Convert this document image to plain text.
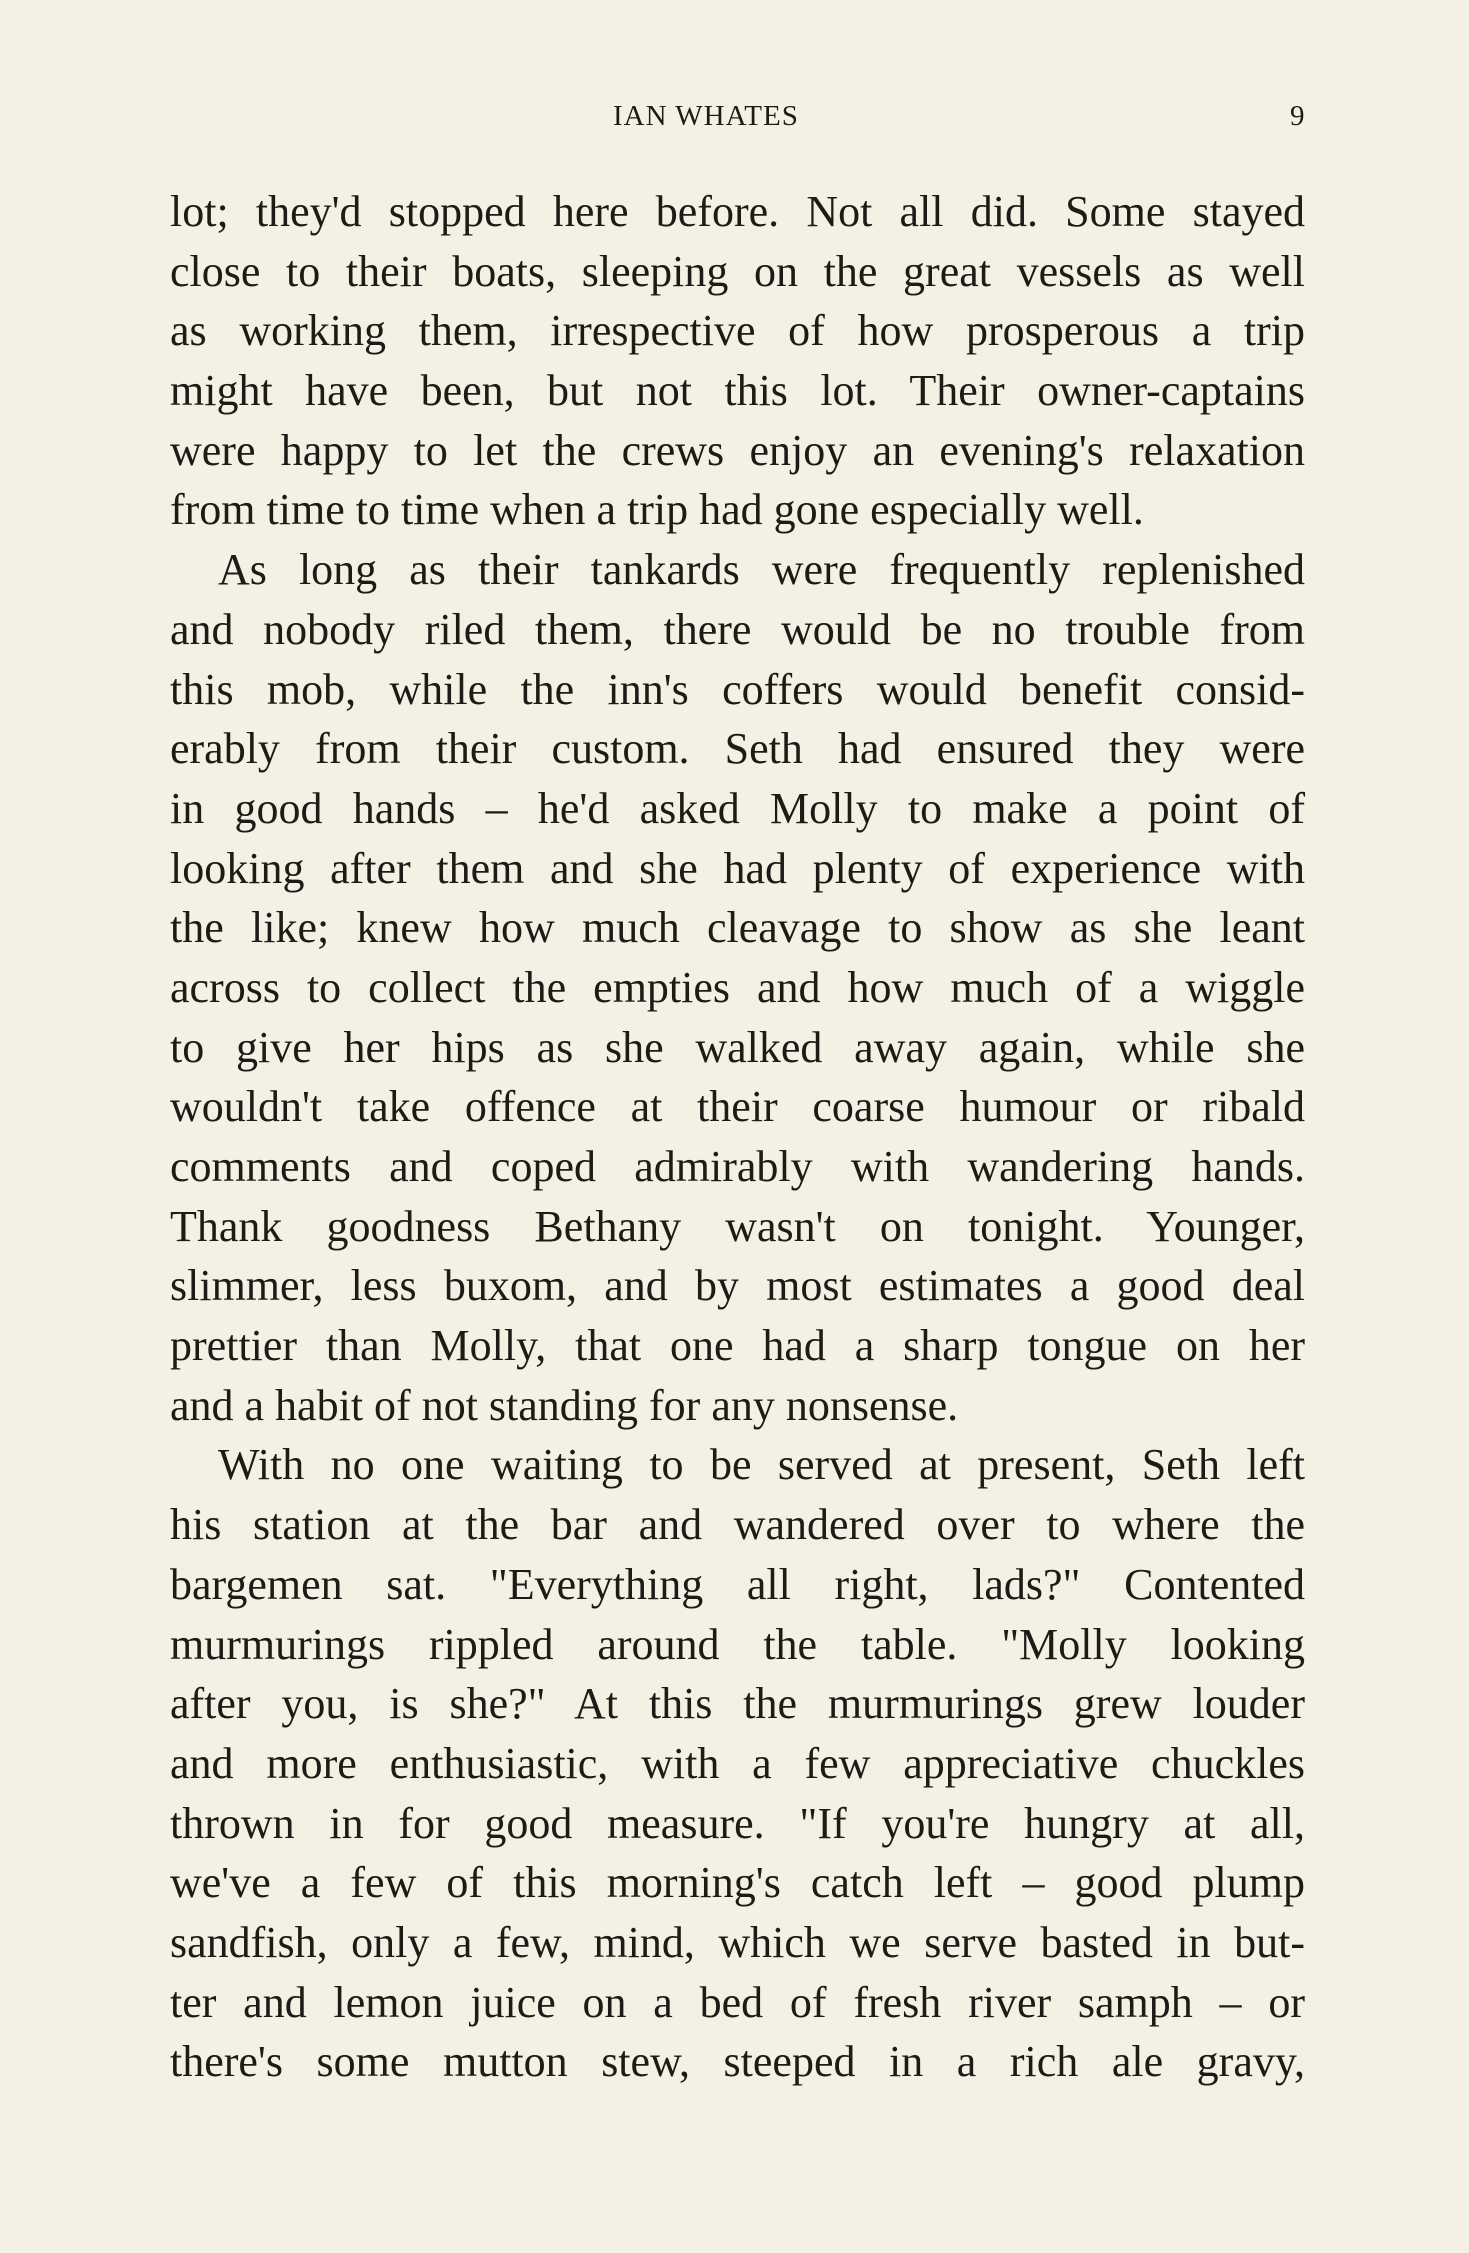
IAN WHATES	9
lot; they'd stopped here before. Not all did. Some stayed
close to their boats, sleeping on the great vessels as well
as working them, irrespective of how prosperous a trip
might have been, but not this lot. Their owner-captains
were happy to let the crews enjoy an evening's relaxation
from time to time when a trip had gone especially well.
As long as their tankards were frequently replenished
and nobody riled them, there would be no trouble from
this mob, while the inn's coffers would benefit consid-
erably from their custom. Seth had ensured they were
in good hands – he'd asked Molly to make a point of
looking after them and she had plenty of experience with
the like; knew how much cleavage to show as she leant
across to collect the empties and how much of a wiggle
to give her hips as she walked away again, while she
wouldn't take offence at their coarse humour or ribald
comments and coped admirably with wandering hands.
Thank goodness Bethany wasn't on tonight. Younger,
slimmer, less buxom, and by most estimates a good deal
prettier than Molly, that one had a sharp tongue on her
and a habit of not standing for any nonsense.
With no one waiting to be served at present, Seth left
his station at the bar and wandered over to where the
bargemen sat. "Everything all right, lads?" Contented
murmurings rippled around the table. "Molly looking
after you, is she?" At this the murmurings grew louder
and more enthusiastic, with a few appreciative chuckles
thrown in for good measure. "If you're hungry at all,
we've a few of this morning's catch left – good plump
sandfish, only a few, mind, which we serve basted in but-
ter and lemon juice on a bed of fresh river samph – or
there's some mutton stew, steeped in a rich ale gravy,
